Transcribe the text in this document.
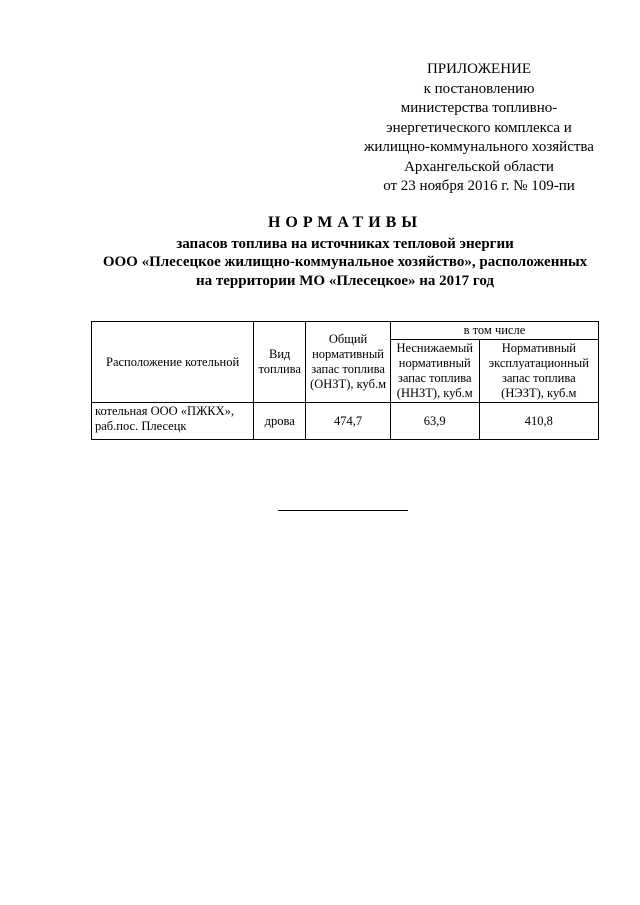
ПРИЛОЖЕНИЕ
к постановлению
министерства топливно-
энергетического комплекса и
жилищно-коммунального хозяйства
Архангельской области
от 23 ноября 2016 г. № 109-пи
НОРМАТИВЫ
запасов топлива на источниках тепловой энергии
ООО «Плесецкое жилищно-коммунальное хозяйство», расположенных
на территории МО «Плесецкое» на 2017 год
Расположение котельной	Вид топлива	Общий нормативный запас топлива (ОНЗТ), куб.м	в том числе	
			Неснижаемый нормативный запас топлива (ННЗТ), куб.м	Нормативный эксплуатационный запас топлива (НЭЗТ), куб.м
котельная ООО «ПЖКХ», раб.пос. Плесецк	дрова	474,7	63,9	410,8
